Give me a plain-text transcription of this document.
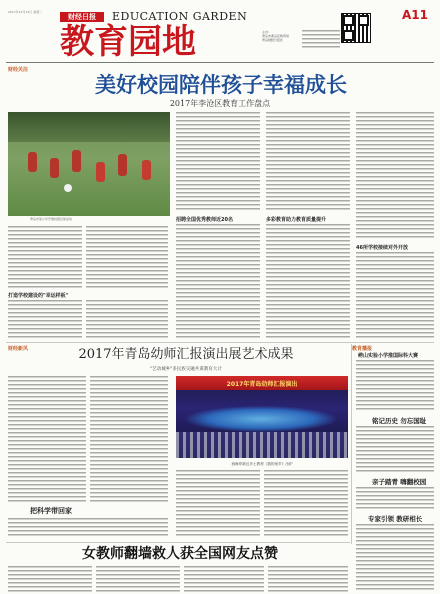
财经日报	EDUCATION GARDEN
教育园地
2017年12月12日 星期二
主办：
青岛市黄岛区教育局
青岛财经日报社
A11
财经关注
美好校园陪伴孩子幸福成长
2017年李沧区教育工作盘点
青岛市某小学开展校园足球活动
打造学校建设的"幸运样板"
招聘全国优秀教师近20名	多彩教育助力教育质量提升
46所学校接续对外开放
财经新风	教育播报
2017年青岛幼师汇报演出展艺术成果
"艺动城乡"多民族交融共谋教育大计
2017年青岛幼师汇报演出
西海岸新区多土教材《我的家乡》出炉
把科学带回家
崂山实验小学推国际科大赛
铭记历史 勿忘国耻
亲子踏青 嗨翻校园
专家引领 教研相长
女教师翻墙救人获全国网友点赞
